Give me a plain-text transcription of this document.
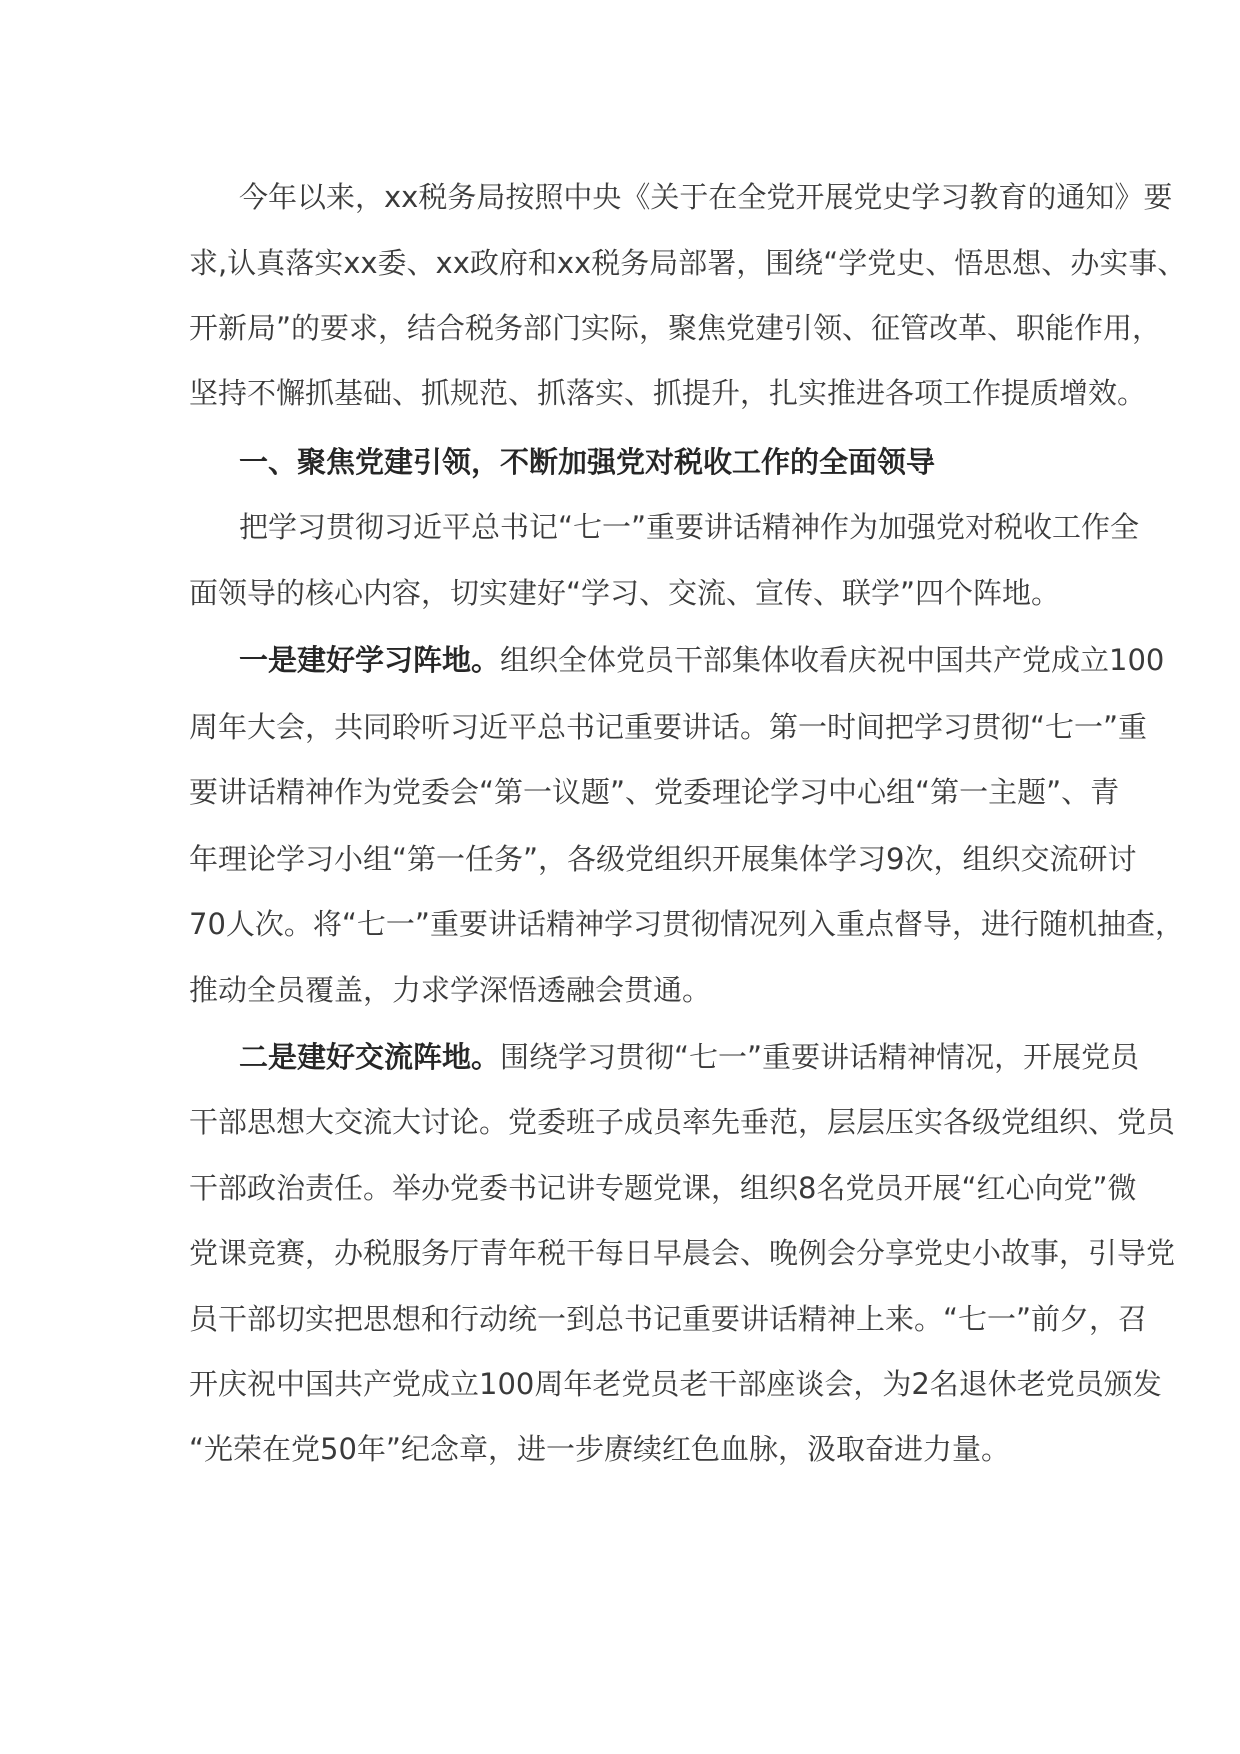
今年以来，xx税务局按照中央《关于在全党开展党史学习教育的通知》要
求,认真落实xx委、xx政府和xx税务局部署，围绕“学党史、悟思想、办实事、
开新局”的要求，结合税务部门实际，聚焦党建引领、征管改革、职能作用，
坚持不懈抓基础、抓规范、抓落实、抓提升，扎实推进各项工作提质增效。
一、聚焦党建引领，不断加强党对税收工作的全面领导
把学习贯彻习近平总书记“七一”重要讲话精神作为加强党对税收工作全
面领导的核心内容，切实建好“学习、交流、宣传、联学”四个阵地。
一是建好学习阵地。组织全体党员干部集体收看庆祝中国共产党成立100
周年大会，共同聆听习近平总书记重要讲话。第一时间把学习贯彻“七一”重
要讲话精神作为党委会“第一议题”、党委理论学习中心组“第一主题”、青
年理论学习小组“第一任务”，各级党组织开展集体学习9次，组织交流研讨
70人次。将“七一”重要讲话精神学习贯彻情况列入重点督导，进行随机抽查，
推动全员覆盖，力求学深悟透融会贯通。
二是建好交流阵地。围绕学习贯彻“七一”重要讲话精神情况，开展党员
干部思想大交流大讨论。党委班子成员率先垂范，层层压实各级党组织、党员
干部政治责任。举办党委书记讲专题党课，组织8名党员开展“红心向党”微
党课竞赛，办税服务厅青年税干每日早晨会、晚例会分享党史小故事，引导党
员干部切实把思想和行动统一到总书记重要讲话精神上来。“七一”前夕，召
开庆祝中国共产党成立100周年老党员老干部座谈会，为2名退休老党员颁发
“光荣在党50年”纪念章，进一步赓续红色血脉，汲取奋进力量。
